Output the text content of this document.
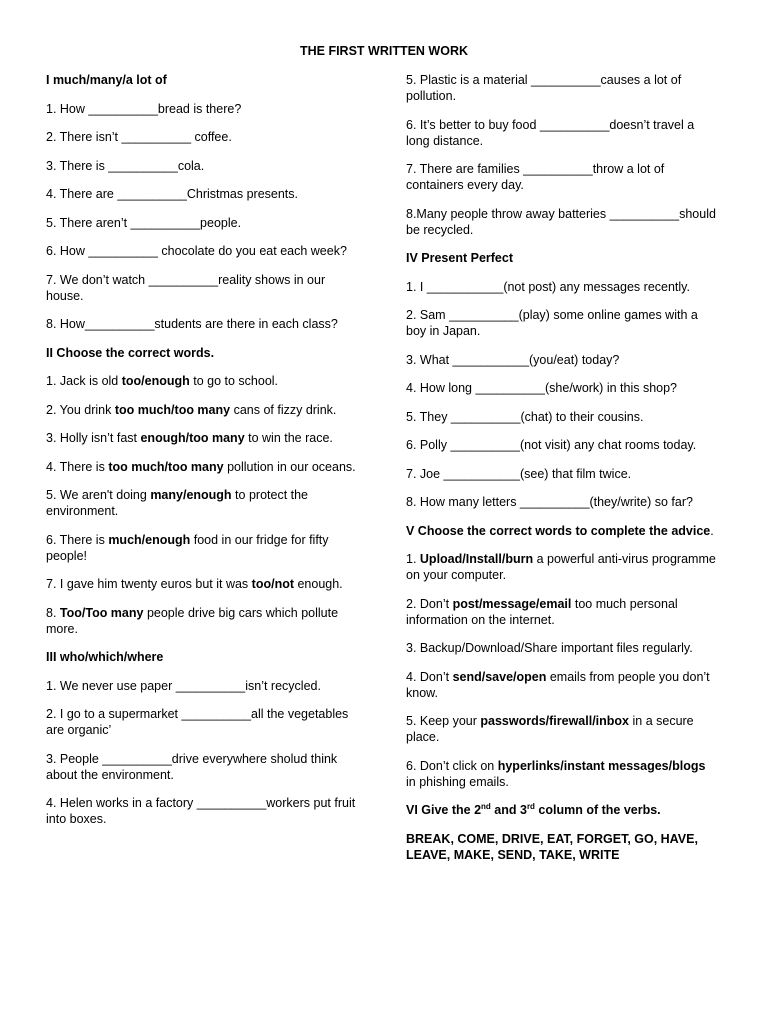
THE FIRST WRITTEN WORK
I much/many/a lot of
1. How __________bread is there?
2. There isn’t __________ coffee.
3. There is __________cola.
4. There are __________Christmas presents.
5. There aren’t __________people.
6. How __________ chocolate do you eat each week?
7. We don’t watch __________reality shows in our house.
8. How__________students are there in each class?
II Choose the correct words.
1. Jack is old too/enough to go to school.
2. You drink too much/too many cans of fizzy drink.
3. Holly isn’t fast enough/too many to win the race.
4. There is too much/too many pollution in our oceans.
5. We aren't doing many/enough to protect the environment.
6. There is much/enough food in our fridge for fifty people!
7. I gave him twenty euros but it was too/not enough.
8. Too/Too many people drive big cars which pollute more.
III who/which/where
1. We never use paper __________isn’t recycled.
2. I go to a supermarket __________all the vegetables are organic’
3. People __________drive everywhere sholud think about the environment.
4. Helen works in a factory __________workers put fruit into boxes.
5. Plastic is a material __________causes a lot of pollution.
6. It’s better to buy food __________doesn’t travel a long distance.
7. There are families __________throw a lot of containers every day.
8.Many people throw away batteries __________should be recycled.
IV Present Perfect
1. I ___________(not post) any messages recently.
2. Sam __________(play) some online games with a boy in Japan.
3. What ___________(you/eat) today?
4. How long __________(she/work) in this shop?
5. They __________(chat) to their cousins.
6. Polly __________(not visit) any chat rooms today.
7. Joe ___________(see) that film twice.
8. How many letters __________(they/write) so far?
V Choose the correct words to complete the advice.
1. Upload/Install/burn a powerful anti-virus programme on your computer.
2. Don’t post/message/email too much personal information on the internet.
3. Backup/Download/Share important files regularly.
4. Don’t send/save/open emails from people you don’t know.
5. Keep your passwords/firewall/inbox in a secure place.
6. Don’t click on hyperlinks/instant messages/blogs in phishing emails.
VI Give the 2nd and 3rd column of the verbs.
BREAK, COME, DRIVE, EAT, FORGET, GO, HAVE, LEAVE, MAKE, SEND, TAKE, WRITE
